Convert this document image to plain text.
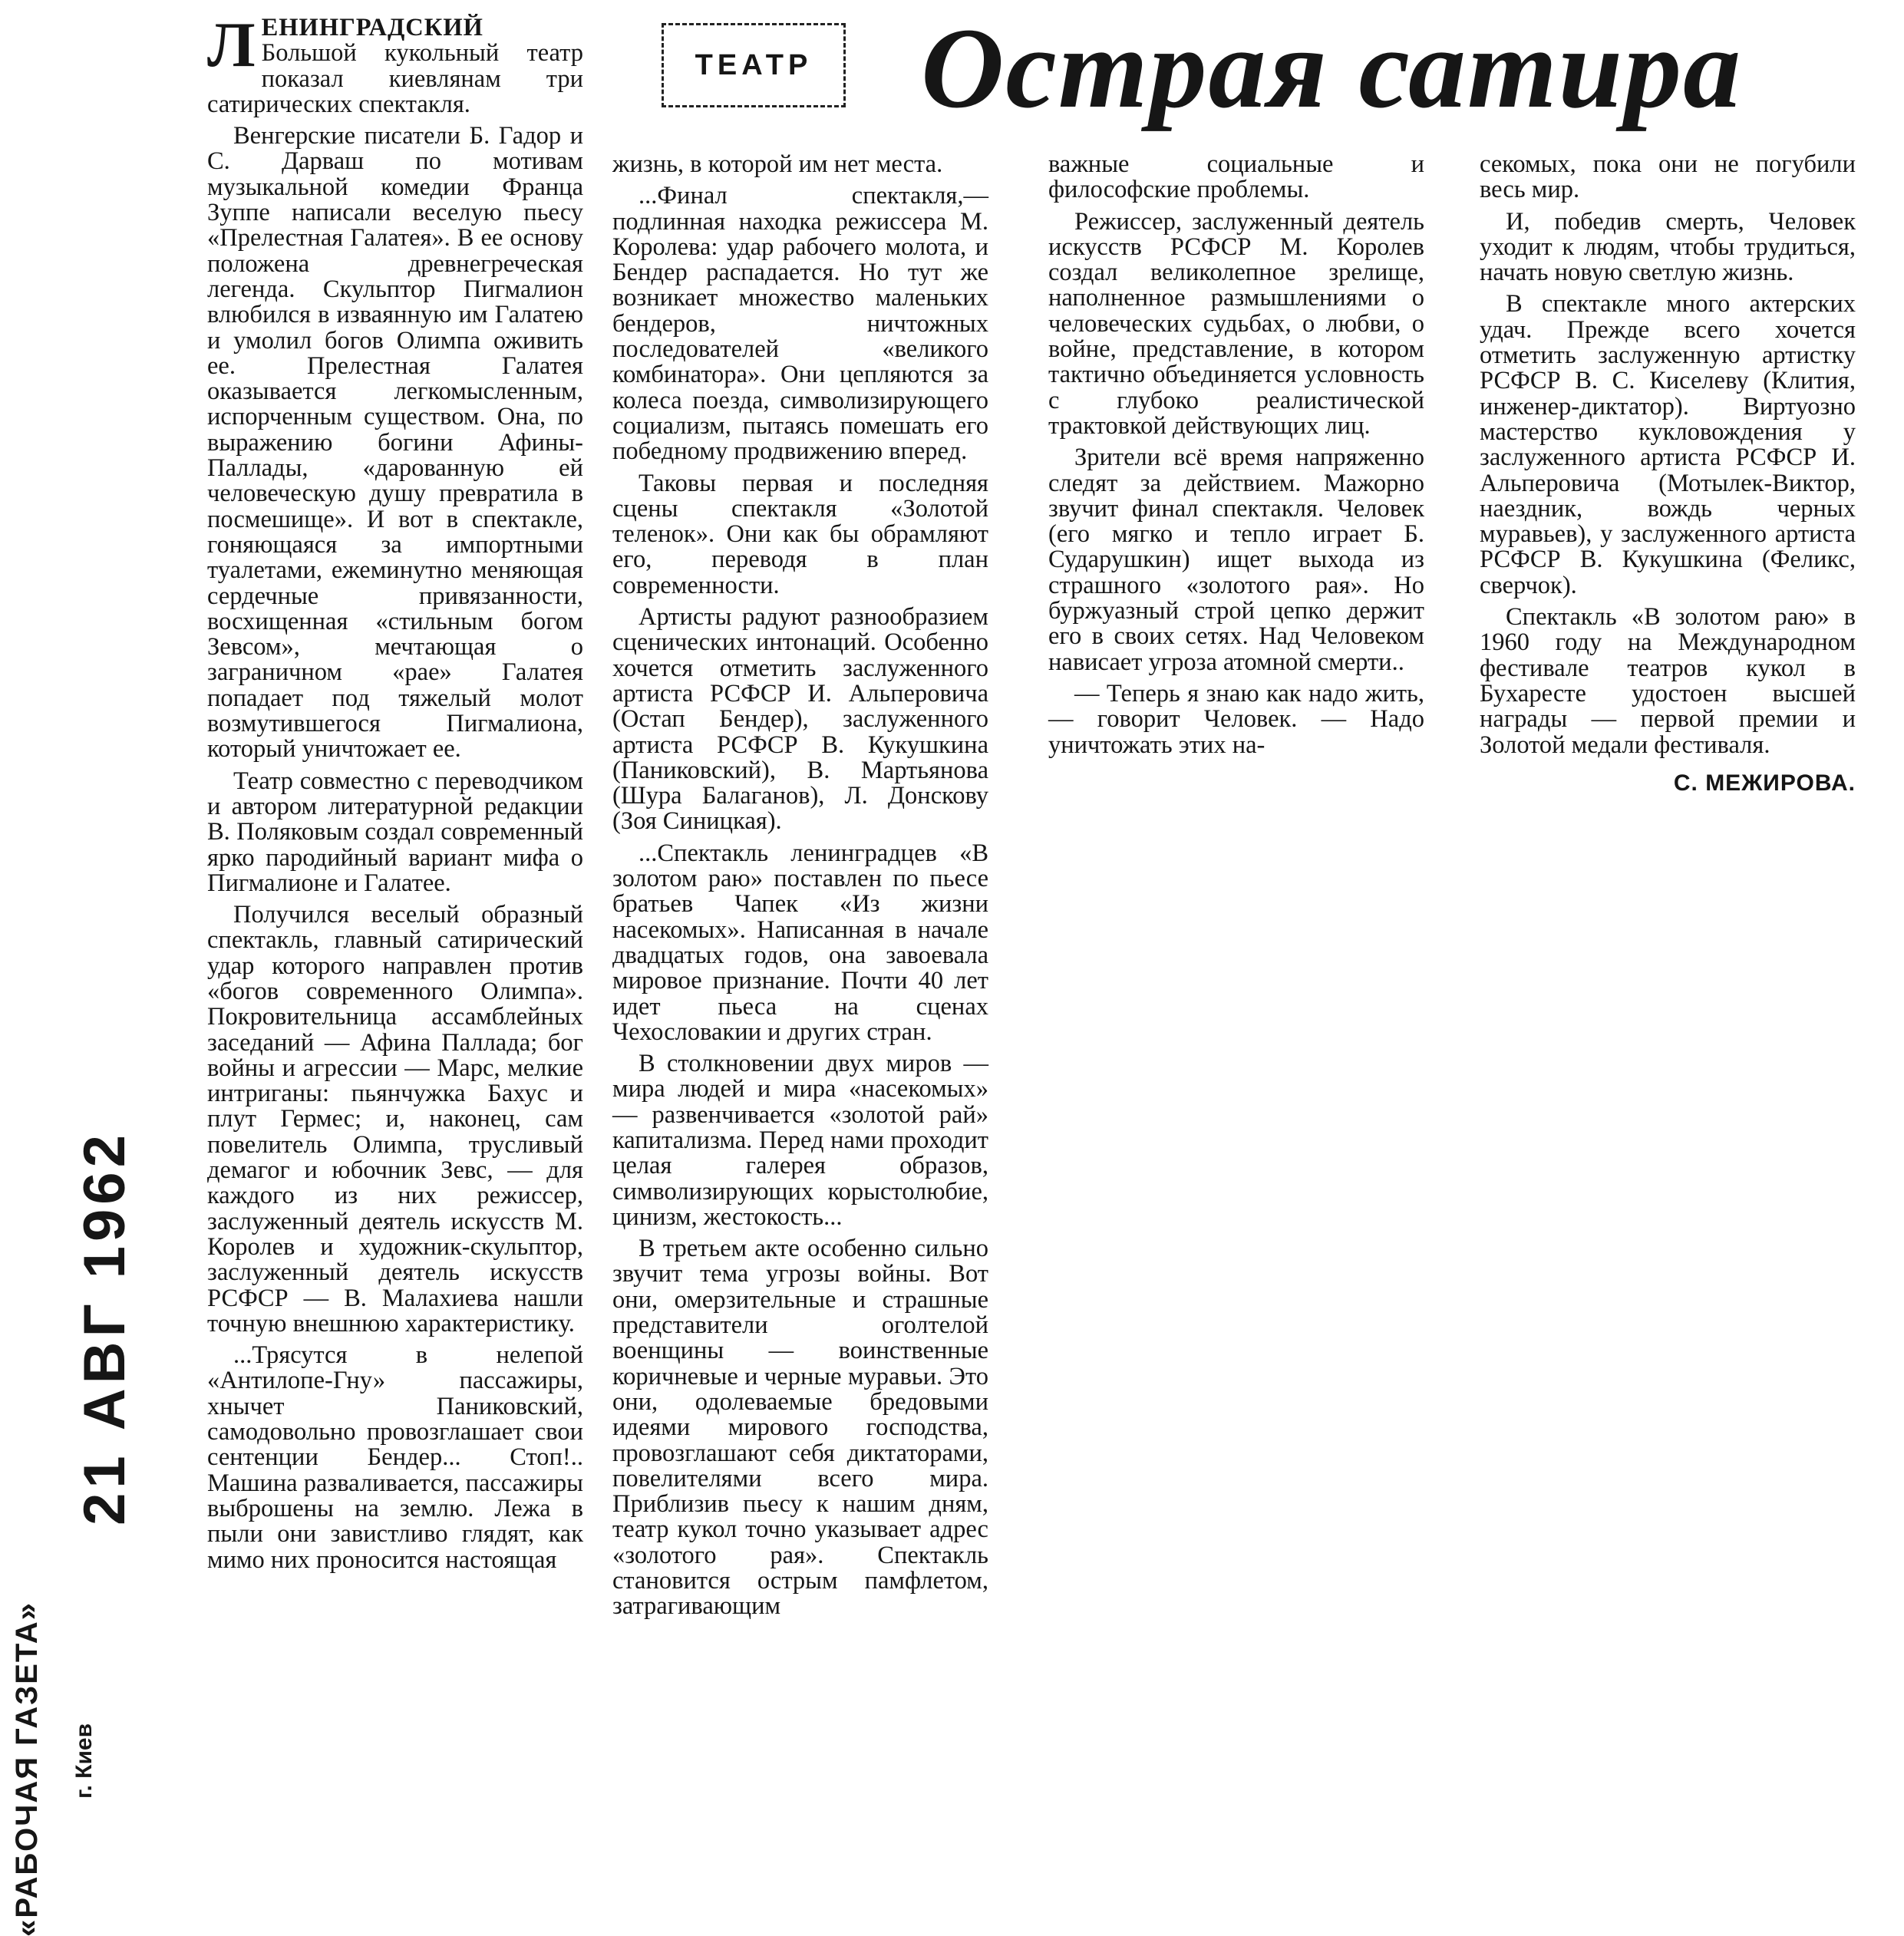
ТЕАТР Острая сатира

ЛЕНИНГРАДСКИЙ Большой кукольный театр показал киевлянам три сатирических спектакля.

Венгерские писатели Б. Гадор и С. Дарваш по мотивам музыкальной комедии Франца Зуппе написали веселую пьесу «Прелестная Галатея». В ее основу положена древнегреческая легенда. Скульптор Пигмалион влюбился в изваянную им Галатею и умолил богов Олимпа оживить ее. Прелестная Галатея оказывается легкомысленным, испорченным существом. Она, по выражению богини Афины-Паллады, «дарованную ей человеческую душу превратила в посмешище». И вот в спектакле, гоняющаяся за импортными туалетами, ежеминутно меняющая сердечные привязанности, восхищенная «стильным богом Зевсом», мечтающая о заграничном «рае» Галатея попадает под тяжелый молот возмутившегося Пигмалиона, который уничтожает ее.

Театр совместно с переводчиком и автором литературной редакции В. Поляковым создал современный ярко пародийный вариант мифа о Пигмалионе и Галатее.

Получился веселый образный спектакль, главный сатирический удар которого направлен против «богов современного Олимпа». Покровительница ассамблейных заседаний — Афина Паллада; бог войны и агрессии — Марс, мелкие интриганы: пьянчужка Бахус и плут Гермес; и, наконец, сам повелитель Олимпа, трусливый демагог и юбочник Зевс, — для каждого из них режиссер, заслуженный деятель искусств М. Королев и художник-скульптор, заслуженный деятель искусств РСФСР — В. Малахиева нашли точную внешнюю характеристику.

...Трясутся в нелепой «Антилопе-Гну» пассажиры, хнычет Паниковский, самодовольно провозглашает свои сентенции Бендер... Стоп!.. Машина разваливается, пассажиры выброшены на землю. Лежа в пыли они завистливо глядят, как мимо них проносится настоящая

жизнь, в которой им нет места.

...Финал спектакля,— подлинная находка режиссера М. Королева: удар рабочего молота, и Бендер распадается. Но тут же возникает множество маленьких бендеров, ничтожных последователей «великого комбинатора». Они цепляются за колеса поезда, символизирующего социализм, пытаясь помешать его победному продвижению вперед.

Таковы первая и последняя сцены спектакля «Золотой теленок». Они как бы обрамляют его, переводя в план современности.

Артисты радуют разнообразием сценических интонаций. Особенно хочется отметить заслуженного артиста РСФСР И. Альперовича (Остап Бендер), заслуженного артиста РСФСР В. Кукушкина (Паниковский), В. Мартьянова (Шура Балаганов), Л. Донскову (Зоя Синицкая).

...Спектакль ленинградцев «В золотом раю» поставлен по пьесе братьев Чапек «Из жизни насекомых». Написанная в начале двадцатых годов, она завоевала мировое признание. Почти 40 лет идет пьеса на сценах Чехословакии и других стран.

В столкновении двух миров — мира людей и мира «насекомых» — развенчивается «золотой рай» капитализма. Перед нами проходит целая галерея образов, символизирующих корыстолюбие, цинизм, жестокость...

В третьем акте особенно сильно звучит тема угрозы войны. Вот они, омерзительные и страшные представители оголтелой военщины — воинственные коричневые и черные муравьи. Это они, одолеваемые бредовыми идеями мирового господства, провозглашают себя диктаторами, повелителями всего мира. Приблизив пьесу к нашим дням, театр кукол точно указывает адрес «золотого рая». Спектакль становится острым памфлетом, затрагивающим

важные социальные и философские проблемы.

Режиссер, заслуженный деятель искусств РСФСР М. Королев создал великолепное зрелище, наполненное размышлениями о человеческих судьбах, о любви, о войне, представление, в котором тактично объединяется условность с глубоко реалистической трактовкой действующих лиц.

Зрители всё время напряженно следят за действием. Мажорно звучит финал спектакля. Человек (его мягко и тепло играет Б. Сударушкин) ищет выхода из страшного «золотого рая». Но буржуазный строй цепко держит его в своих сетях. Над Человеком нависает угроза атомной смерти..

— Теперь я знаю как надо жить, — говорит Человек. — Надо уничтожать этих на-

секомых, пока они не погубили весь мир.

И, победив смерть, Человек уходит к людям, чтобы трудиться, начать новую светлую жизнь.

В спектакле много актерских удач. Прежде всего хочется отметить заслуженную артистку РСФСР В. С. Киселеву (Клития, инженер-диктатор). Виртуозно мастерство кукловождения у заслуженного артиста РСФСР И. Альперовича (Мотылек-Виктор, наездник, вождь черных муравьев), у заслуженного артиста РСФСР В. Кукушкина (Феликс, сверчок).

Спектакль «В золотом раю» в 1960 году на Международном фестивале театров кукол в Бухаресте удостоен высшей награды — первой премии и Золотой медали фестиваля.

С. МЕЖИРОВА.
21 АВГ 1962
«РАБОЧАЯ ГАЗЕТА» г. Киев
